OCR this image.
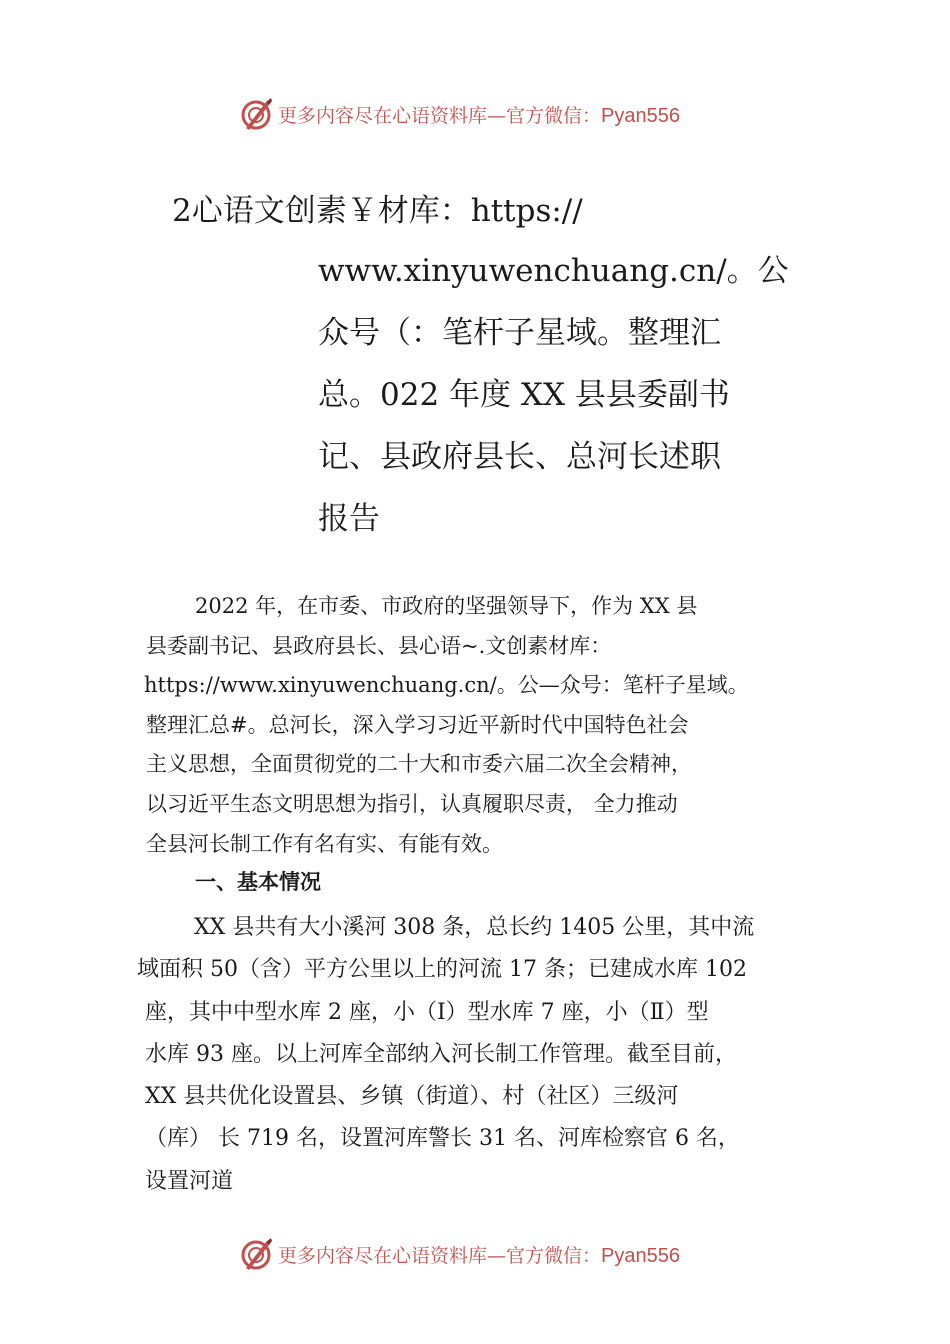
更多内容尽在心语资料库—官方微信：Pyan556
2心语文创素￥材库：https://
www.xinyuwenchuang.cn/。公
众号（：笔杆子星域。整理汇
总。022 年度 XX 县县委副书
记、县政府县长、总河长述职
报告
2022 年，在市委、市政府的坚强领导下，作为 XX 县
县委副书记、县政府县长、县心语~.文创素材库：
https://www.xinyuwenchuang.cn/。公—众号：笔杆子星域。
整理汇总#。总河长，深入学习习近平新时代中国特色社会
主义思想，全面贯彻党的二十大和市委六届二次全会精神，
以习近平生态文明思想为指引，认真履职尽责， 全力推动
全县河长制工作有名有实、有能有效。
一、基本情况
XX 县共有大小溪河 308 条，总长约 1405 公里，其中流
域面积 50（含）平方公里以上的河流 17 条；已建成水库 102
座，其中中型水库 2 座，小（Ⅰ）型水库 7 座，小（Ⅱ）型
水库 93 座。以上河库全部纳入河长制工作管理。截至目前，
XX 县共优化设置县、乡镇（街道）、村（社区）三级河
（库） 长 719 名，设置河库警长 31 名、河库检察官 6 名，
设置河道
更多内容尽在心语资料库—官方微信：Pyan556
